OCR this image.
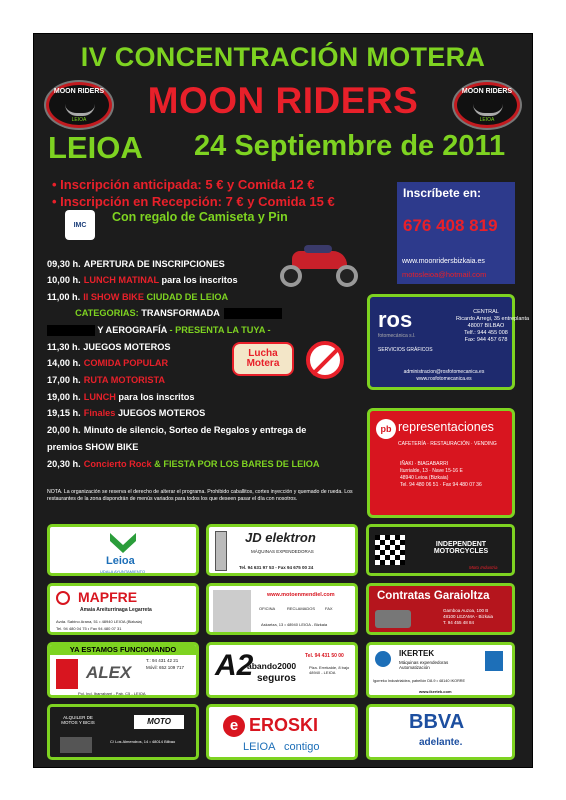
IV CONCENTRACIÓN MOTERA
MOON RIDERS
MOON RIDERS
LEIOA
MOON RIDERS
LEIOA
LEIOA 24 Septiembre de 2011
• Inscripción anticipada: 5 € y Comida 12 €
• Inscripción en Recepción: 7 € y Comida 15 €
IMC
Con regalo de Camiseta y Pin
Inscríbete en:
676 408 819
www.moonridersbizkaia.es
motosleioa@hotmail.com
09,30 h. APERTURA DE INSCRIPCIONES
10,00 h. LUNCH MATINAL para los inscritos
11,00 h. II SHOW BIKE CIUDAD DE LEIOA
CATEGORIAS: TRANSFORMADA
Y AEROGRAFÍA - PRESENTA LA TUYA -
11,30 h. JUEGOS MOTEROS
14,00 h. COMIDA POPULAR
17,00 h. RUTA MOTORISTA
19,00 h. LUNCH para los inscritos
19,15 h. Finales JUEGOS MOTEROS
20,00 h. Minuto de silencio, Sorteo de Regalos y entrega de
premios SHOW BIKE
20,30 h. Concierto Rock & FIESTA POR LOS BARES DE LEIOA
Lucha Motera
ros
fotomecánica s.l.
CENTRAL
Ricardo Arregi, 35 entreplanta
48007 BILBAO
Telf.: 944 455 008
Fax: 944 457 678
SERVICIOS GRÁFICOS
administracion@rosfotomecanica.es
www.rosfotomecanica.es
pb representaciones
CAFETERÍA · RESTAURACIÓN · VENDING
IÑAKI · BIAGABARRI
Iturrialde, 13 · Nave 15-16 E
48940 Leioa (Bizkaia)
Tel. 94 480 06 51 · Fax 94 480 07 36
NOTA. La organización se reserva el derecho de alterar el programa. Prohibido caballitos, cortes inyección y quemado de rueda. Los restaurantes de la zona dispondrán de menús variados para todos los que deseen pasar el día con nosotros.
Leioa
UDALA AYUNTAMIENTO
JD elektron
MÁQUINAS EXPENDEDORAS
Tel. 94 631 97 53 - Fax 94 675 00 24
INDEPENDENT MOTORCYCLES
Moto Industria
MAPFRE
Amaia Areiturrinaga Legarreta
Avda. Sabino Arana, 51 • 48940 LEIOA (Bizkaia)
Tel. 94 480 04 75 • Fax 94 480 07 31
www.motoenmendiel.com
OFICINA	RECLAMADOS FAX
Askartza, 13 • 48940 LEIOA - Bizkaia
Contratas Garaioltza
Gamboa Auzoa, 100 B
48100 LEZAMA - Bizkaia
T. 94 455 48 84
YA ESTAMOS FUNCIONANDO
ALEX
T.: 94 431 42 21
Móvil: 652 109 717
Pol. Ind. Ibarrabarri - Pab. C5 - LEIOA
A2
abando2000
seguros
Tel. 94 431 50 00
Plza. Errekalde, 8 bajo
48940 - LEIOA
IKERTEK
Máquinas expendedoras Automatización
Igorreko Industrialdea, pabellón D8-9 • 48140 IKORRE
www.ikertek.com
ALQUILER DE MOTOS Y BICIS	MOTO
C/ Los Almendros, 14 • 48014 Bilbao
e EROSKI
LEIOA   contigo
BBVA
adelante.
